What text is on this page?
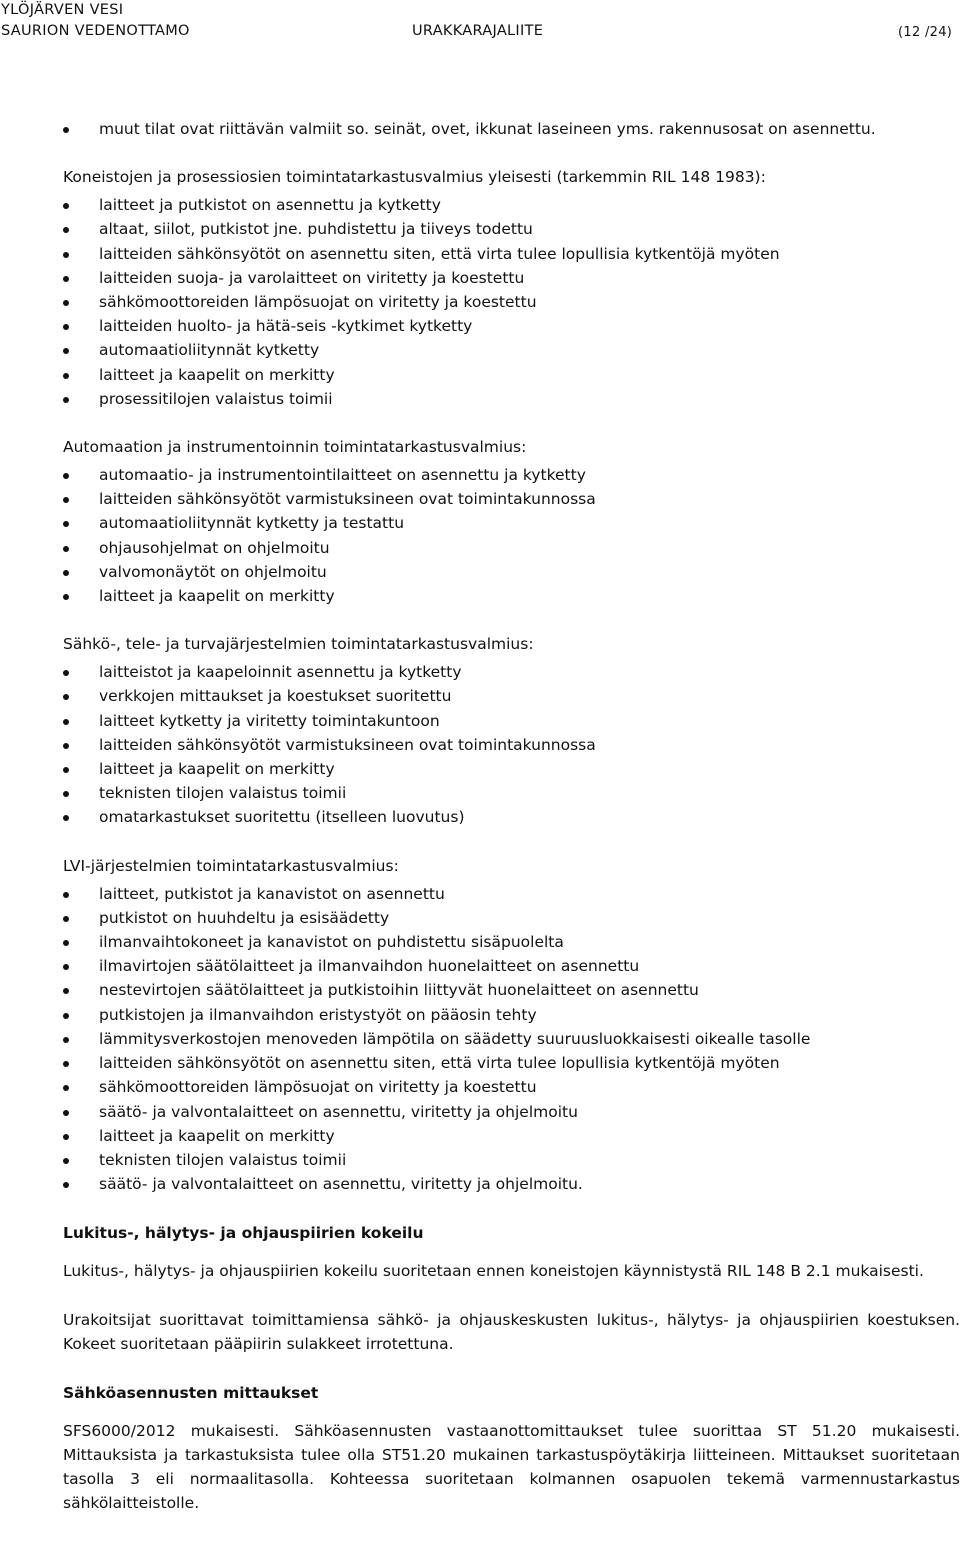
YLÖJÄRVEN VESI
SAURION VEDENOTTAMO	URAKKARAJALIITE	(12 /24)
muut tilat ovat riittävän valmiit so. seinät, ovet, ikkunat laseineen yms. rakennusosat on asennettu.
Koneistojen ja prosessiosien toimintatarkastusvalmius yleisesti (tarkemmin RIL 148 1983):
laitteet ja putkistot on asennettu ja kytketty
altaat, siilot, putkistot jne. puhdistettu ja tiiveys todettu
laitteiden sähkönsyötöt on asennettu siten, että virta tulee lopullisia kytkentöjä myöten
laitteiden suoja- ja varolaitteet on viritetty ja koestettu
sähkömoottoreiden lämpösuojat on viritetty ja koestettu
laitteiden huolto- ja hätä-seis -kytkimet kytketty
automaatioliitynnät kytketty
laitteet ja kaapelit on merkitty
prosessitilojen valaistus toimii
Automaation ja instrumentoinnin toimintatarkastusvalmius:
automaatio- ja instrumentointilaitteet on asennettu ja kytketty
laitteiden sähkönsyötöt varmistuksineen ovat toimintakunnossa
automaatioliitynnät kytketty ja testattu
ohjausohjelmat on ohjelmoitu
valvomonäytöt on ohjelmoitu
laitteet ja kaapelit on merkitty
Sähkö-, tele- ja turvajärjestelmien toimintatarkastusvalmius:
laitteistot ja kaapeloinnit asennettu ja kytketty
verkkojen mittaukset ja koestukset suoritettu
laitteet kytketty ja viritetty toimintakuntoon
laitteiden sähkönsyötöt varmistuksineen ovat toimintakunnossa
laitteet ja kaapelit on merkitty
teknisten tilojen valaistus toimii
omatarkastukset suoritettu (itselleen luovutus)
LVI-järjestelmien toimintatarkastusvalmius:
laitteet, putkistot ja kanavistot on asennettu
putkistot on huuhdeltu ja esisäädetty
ilmanvaihtokoneet ja kanavistot on puhdistettu sisäpuolelta
ilmavirtojen säätölaitteet ja ilmanvaihdon huonelaitteet on asennettu
nestevirtojen säätölaitteet ja putkistoihin liittyvät huonelaitteet on asennettu
putkistojen ja ilmanvaihdon eristystyöt on pääosin tehty
lämmitysverkostojen menoveden lämpötila on säädetty suuruusluokkaisesti oikealle tasolle
laitteiden sähkönsyötöt on asennettu siten, että virta tulee lopullisia kytkentöjä myöten
sähkömoottoreiden lämpösuojat on viritetty ja koestettu
säätö- ja valvontalaitteet on asennettu, viritetty ja ohjelmoitu
laitteet ja kaapelit on merkitty
teknisten tilojen valaistus toimii
säätö- ja valvontalaitteet on asennettu, viritetty ja ohjelmoitu.
Lukitus-, hälytys- ja ohjauspiirien kokeilu

Lukitus-, hälytys- ja ohjauspiirien kokeilu suoritetaan ennen koneistojen käynnistystä RIL 148 B 2.1 mukaisesti.

Urakoitsijat suorittavat toimittamiensa sähkö- ja ohjauskeskusten lukitus-, hälytys- ja ohjauspiirien koestuksen. Kokeet suoritetaan pääpiirin sulakkeet irrotettuna.

Sähköasennusten mittaukset

SFS6000/2012 mukaisesti. Sähköasennusten vastaanottomittaukset tulee suorittaa ST 51.20 mukaisesti. Mittauksista ja tarkastuksista tulee olla ST51.20 mukainen tarkastuspöytäkirja liitteineen. Mittaukset suoritetaan tasolla 3 eli normaalitasolla. Kohteessa suoritetaan kolmannen osapuolen tekemä varmennustarkastus sähkölaitteistolle.
